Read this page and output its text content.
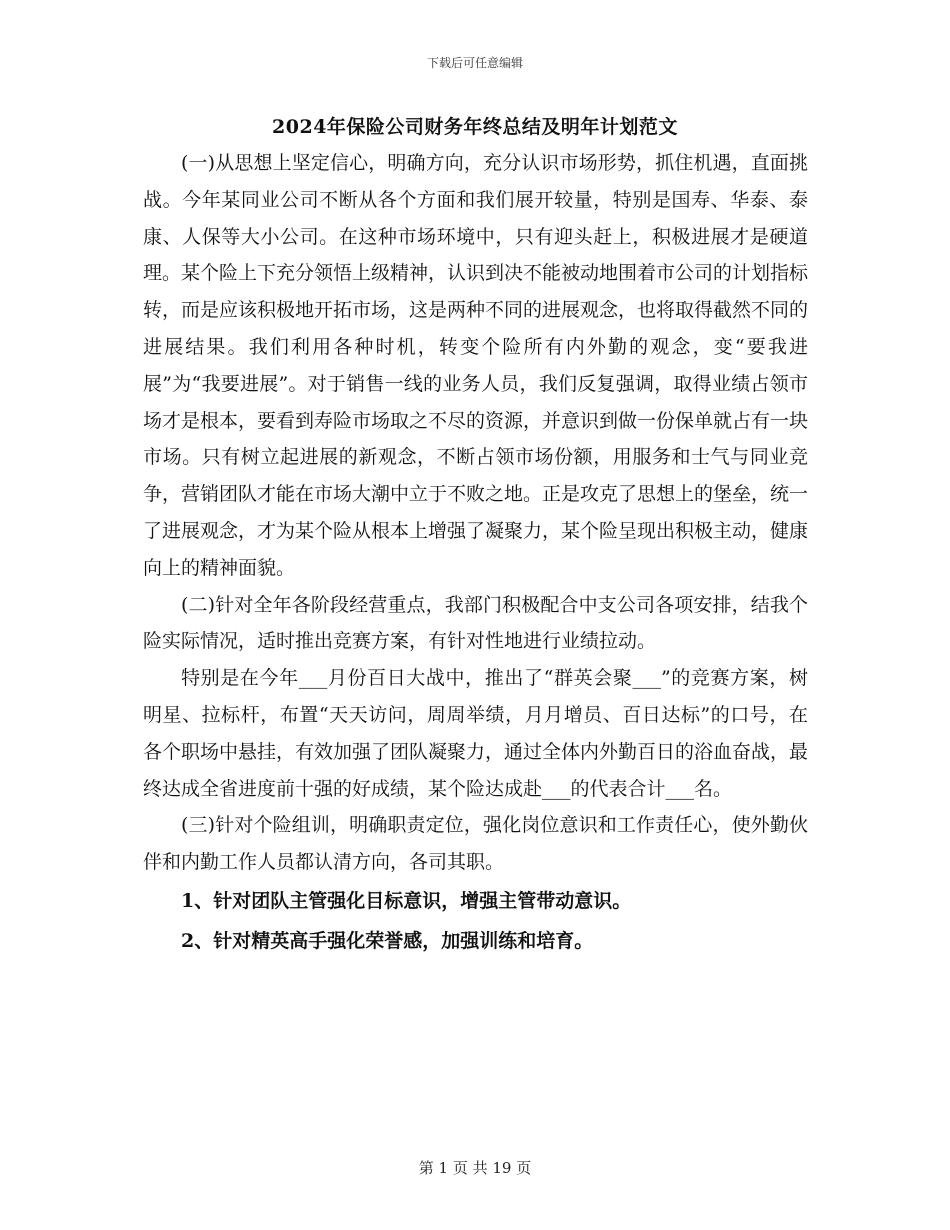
下载后可任意编辑
2024年保险公司财务年终总结及明年计划范文

(一)从思想上坚定信心，明确方向，充分认识市场形势，抓住机遇，直面挑战。今年某同业公司不断从各个方面和我们展开较量，特别是国寿、华泰、泰康、人保等大小公司。在这种市场环境中，只有迎头赶上，积极进展才是硬道理。某个险上下充分领悟上级精神，认识到决不能被动地围着市公司的计划指标转，而是应该积极地开拓市场，这是两种不同的进展观念，也将取得截然不同的进展结果。我们利用各种时机，转变个险所有内外勤的观念，变“要我进展”为“我要进展”。对于销售一线的业务人员，我们反复强调，取得业绩占领市场才是根本，要看到寿险市场取之不尽的资源，并意识到做一份保单就占有一块市场。只有树立起进展的新观念，不断占领市场份额，用服务和士气与同业竞争，营销团队才能在市场大潮中立于不败之地。正是攻克了思想上的堡垒，统一了进展观念，才为某个险从根本上增强了凝聚力，某个险呈现出积极主动，健康向上的精神面貌。

(二)针对全年各阶段经营重点，我部门积极配合中支公司各项安排，结我个险实际情况，适时推出竞赛方案，有针对性地进行业绩拉动。

特别是在今年___月份百日大战中，推出了“群英会聚___”的竞赛方案，树明星、拉标杆，布置“天天访问，周周举绩，月月增员、百日达标”的口号，在各个职场中悬挂，有效加强了团队凝聚力，通过全体内外勤百日的浴血奋战，最终达成全省进度前十强的好成绩，某个险达成赴___的代表合计___名。

(三)针对个险组训，明确职责定位，强化岗位意识和工作责任心，使外勤伙伴和内勤工作人员都认清方向，各司其职。

1、针对团队主管强化目标意识，增强主管带动意识。

2、针对精英高手强化荣誉感，加强训练和培育。

第 1 页 共 19 页
